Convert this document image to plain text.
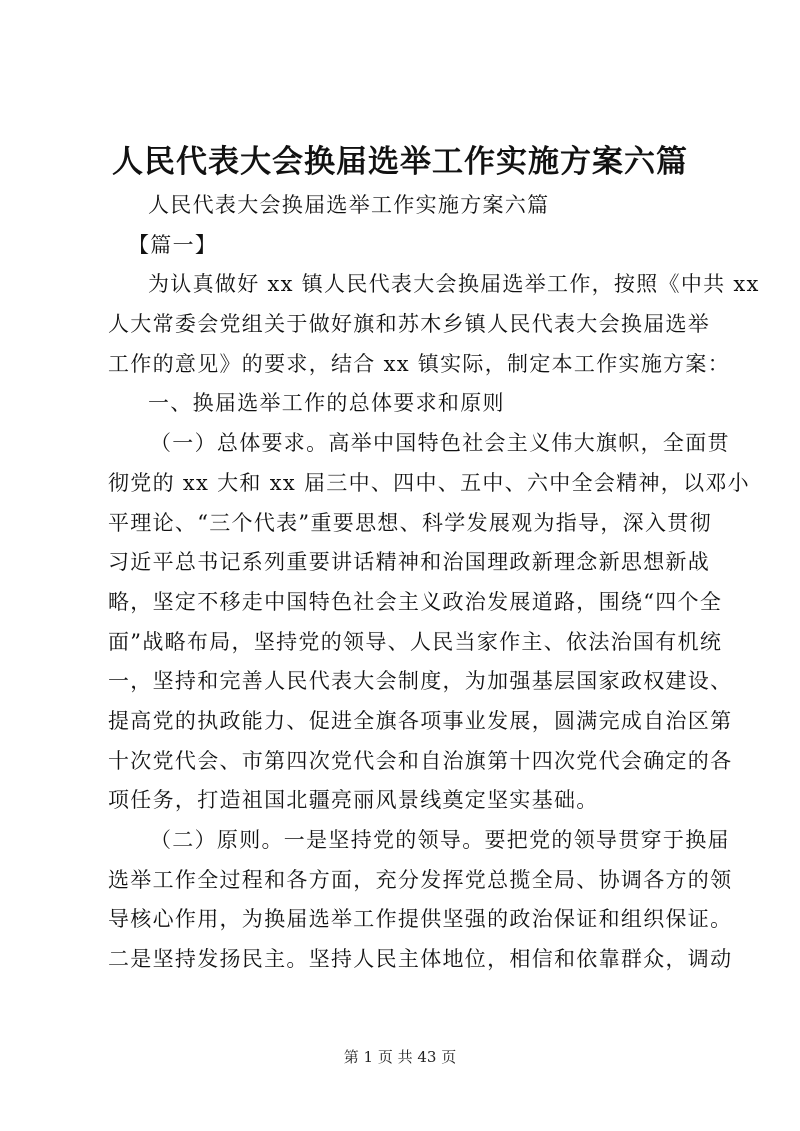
人民代表大会换届选举工作实施方案六篇
人民代表大会换届选举工作实施方案六篇
【篇一】
为认真做好 xx 镇人民代表大会换届选举工作，按照《中共 xx
人大常委会党组关于做好旗和苏木乡镇人民代表大会换届选举
工作的意见》的要求，结合 xx 镇实际，制定本工作实施方案：
一、换届选举工作的总体要求和原则
（一）总体要求。高举中国特色社会主义伟大旗帜，全面贯
彻党的 xx 大和 xx 届三中、四中、五中、六中全会精神，以邓小
平理论、“三个代表”重要思想、科学发展观为指导，深入贯彻
习近平总书记系列重要讲话精神和治国理政新理念新思想新战
略，坚定不移走中国特色社会主义政治发展道路，围绕“四个全
面”战略布局，坚持党的领导、人民当家作主、依法治国有机统
一，坚持和完善人民代表大会制度，为加强基层国家政权建设、
提高党的执政能力、促进全旗各项事业发展，圆满完成自治区第
十次党代会、市第四次党代会和自治旗第十四次党代会确定的各
项任务，打造祖国北疆亮丽风景线奠定坚实基础。
（二）原则。一是坚持党的领导。要把党的领导贯穿于换届
选举工作全过程和各方面，充分发挥党总揽全局、协调各方的领
导核心作用，为换届选举工作提供坚强的政治保证和组织保证。
二是坚持发扬民主。坚持人民主体地位，相信和依靠群众，调动
第 1 页 共 43 页
